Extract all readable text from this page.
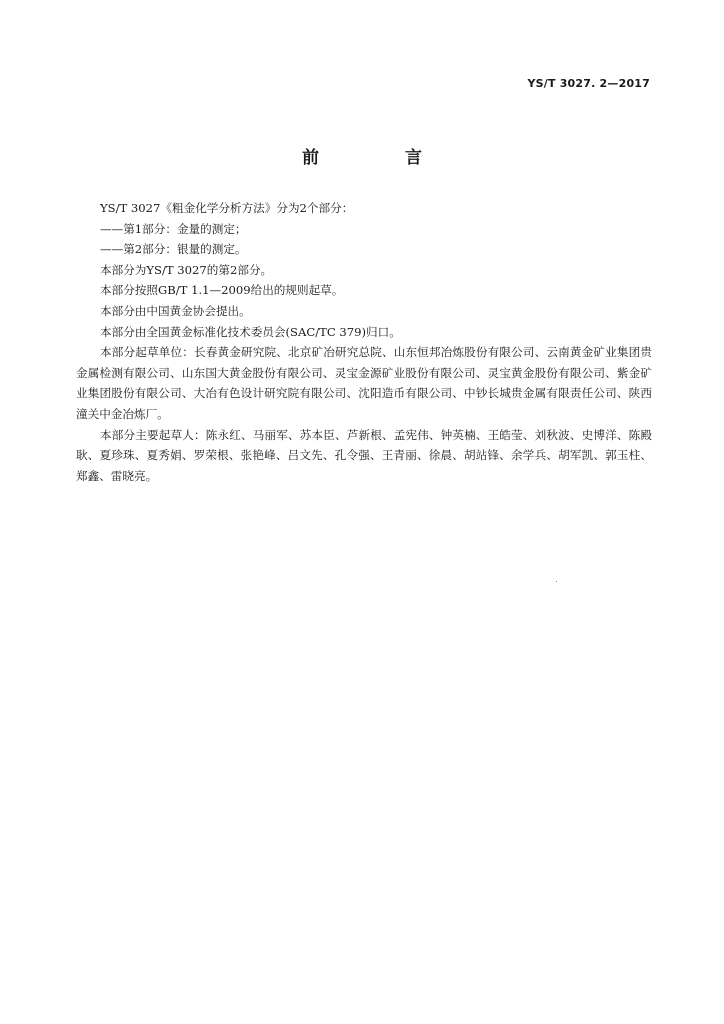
YS/T 3027. 2—2017
前 言

YS/T 3027《粗金化学分析方法》分为2个部分：

——第1部分：金量的测定；

——第2部分：银量的测定。

本部分为YS/T 3027的第2部分。

本部分按照GB/T 1.1—2009给出的规则起草。

本部分由中国黄金协会提出。

本部分由全国黄金标准化技术委员会(SAC/TC 379)归口。

本部分起草单位：长春黄金研究院、北京矿冶研究总院、山东恒邦冶炼股份有限公司、云南黄金矿业集团贵金属检测有限公司、山东国大黄金股份有限公司、灵宝金源矿业股份有限公司、灵宝黄金股份有限公司、紫金矿业集团股份有限公司、大冶有色设计研究院有限公司、沈阳造币有限公司、中钞长城贵金属有限责任公司、陕西潼关中金冶炼厂。

本部分主要起草人：陈永红、马丽军、苏本臣、芦新根、孟宪伟、钟英楠、王皓莹、刘秋波、史博洋、陈殿耿、夏珍珠、夏秀娟、罗荣根、张艳峰、吕文先、孔令强、王青丽、徐晨、胡站锋、余学兵、胡军凯、郭玉柱、郑鑫、雷晓亮。
